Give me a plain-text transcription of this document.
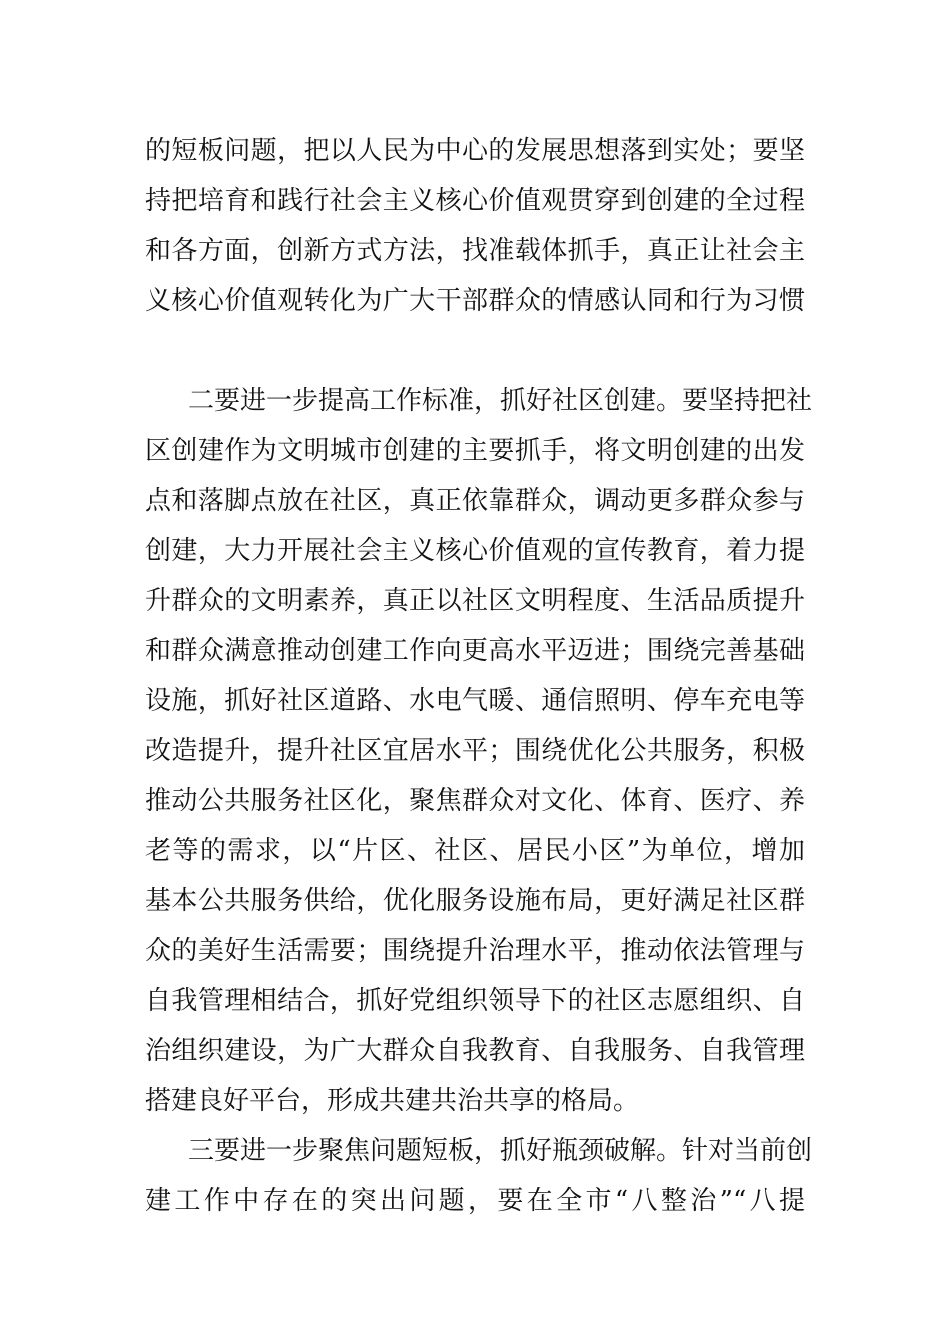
的短板问题，把以人民为中心的发展思想落到实处；要坚
持把培育和践行社会主义核心价值观贯穿到创建的全过程
和各方面，创新方式方法，找准载体抓手，真正让社会主
义核心价值观转化为广大干部群众的情感认同和行为习惯
二要进一步提高工作标准，抓好社区创建。要坚持把社
区创建作为文明城市创建的主要抓手，将文明创建的出发
点和落脚点放在社区，真正依靠群众，调动更多群众参与
创建，大力开展社会主义核心价值观的宣传教育，着力提
升群众的文明素养，真正以社区文明程度、生活品质提升
和群众满意推动创建工作向更高水平迈进；围绕完善基础
设施，抓好社区道路、水电气暖、通信照明、停车充电等
改造提升，提升社区宜居水平；围绕优化公共服务，积极
推动公共服务社区化，聚焦群众对文化、体育、医疗、养
老等的需求，以“片区、社区、居民小区”为单位，增加
基本公共服务供给，优化服务设施布局，更好满足社区群
众的美好生活需要；围绕提升治理水平，推动依法管理与
自我管理相结合，抓好党组织领导下的社区志愿组织、自
治组织建设，为广大群众自我教育、自我服务、自我管理
搭建良好平台，形成共建共治共享的格局。
三要进一步聚焦问题短板，抓好瓶颈破解。针对当前创
建工作中存在的突出问题，要在全市“八整治”“八提
